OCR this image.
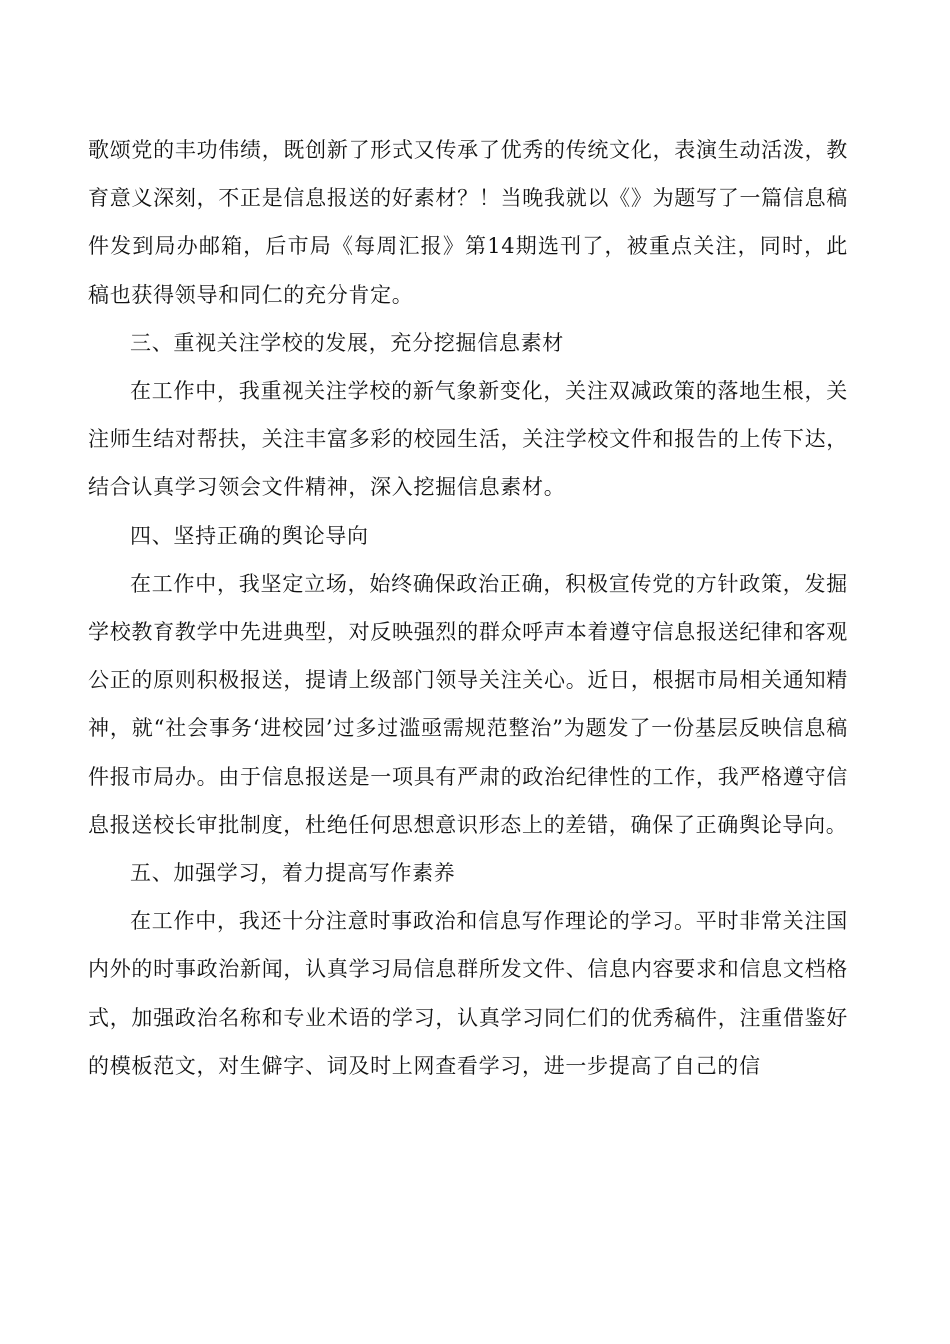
歌颂党的丰功伟绩，既创新了形式又传承了优秀的传统文化，表演生动活泼，教育意义深刻，不正是信息报送的好素材？！当晚我就以《》为题写了一篇信息稿件发到局办邮箱，后市局《每周汇报》第14期选刊了，被重点关注，同时，此稿也获得领导和同仁的充分肯定。

三、重视关注学校的发展，充分挖掘信息素材

在工作中，我重视关注学校的新气象新变化，关注双减政策的落地生根，关注师生结对帮扶，关注丰富多彩的校园生活，关注学校文件和报告的上传下达，结合认真学习领会文件精神，深入挖掘信息素材。

四、坚持正确的舆论导向

在工作中，我坚定立场，始终确保政治正确，积极宣传党的方针政策，发掘学校教育教学中先进典型，对反映强烈的群众呼声本着遵守信息报送纪律和客观公正的原则积极报送，提请上级部门领导关注关心。近日，根据市局相关通知精神，就“社会事务‘进校园’过多过滥亟需规范整治”为题发了一份基层反映信息稿件报市局办。由于信息报送是一项具有严肃的政治纪律性的工作，我严格遵守信息报送校长审批制度，杜绝任何思想意识形态上的差错，确保了正确舆论导向。

五、加强学习，着力提高写作素养

在工作中，我还十分注意时事政治和信息写作理论的学习。平时非常关注国内外的时事政治新闻，认真学习局信息群所发文件、信息内容要求和信息文档格式，加强政治名称和专业术语的学习，认真学习同仁们的优秀稿件，注重借鉴好的模板范文，对生僻字、词及时上网查看学习，进一步提高了自己的信
